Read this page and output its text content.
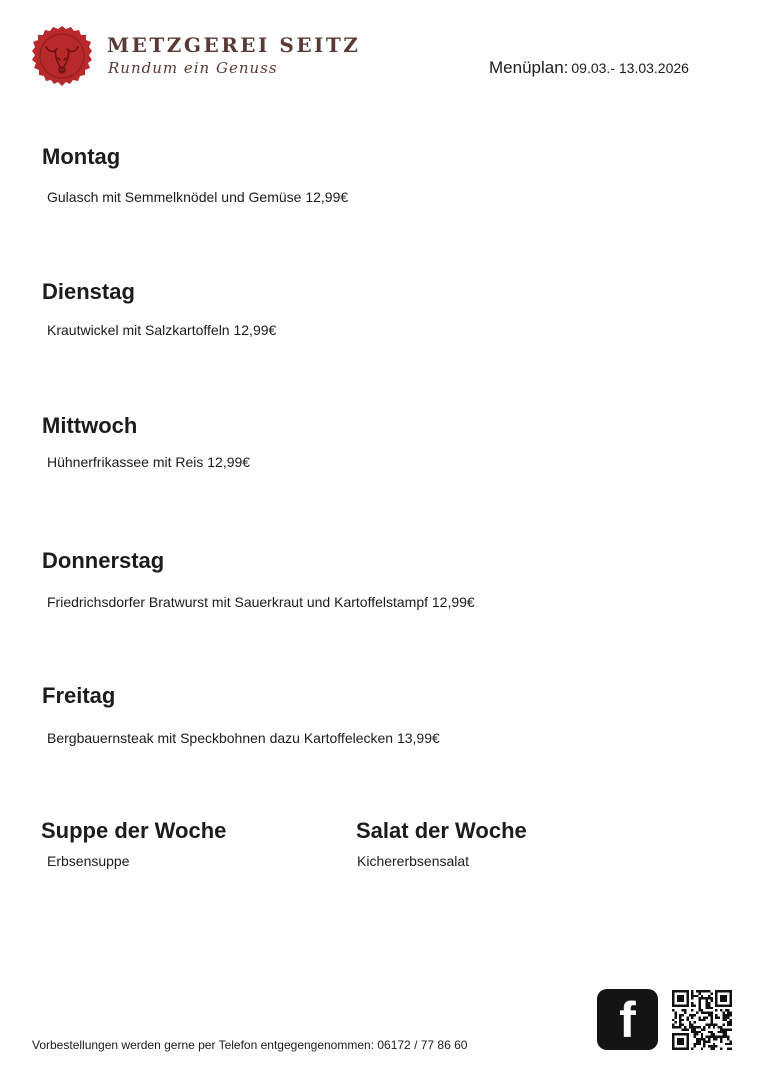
METZGEREI SEITZ
Rundum ein Genuss	Menüplan: 09.03.- 13.03.2026
Montag
Gulasch mit Semmelknödel und Gemüse 12,99€
Dienstag
Krautwickel mit Salzkartoffeln 12,99€
Mittwoch
Hühnerfrikassee mit Reis 12,99€
Donnerstag
Friedrichsdorfer Bratwurst mit Sauerkraut und Kartoffelstampf 12,99€
Freitag
Bergbauernsteak mit Speckbohnen dazu Kartoffelecken 13,99€
Suppe der Woche
Erbsensuppe
Salat der Woche
Kichererbsensalat
Vorbestellungen werden gerne per Telefon entgegengenommen: 06172 / 77 86 60	f
